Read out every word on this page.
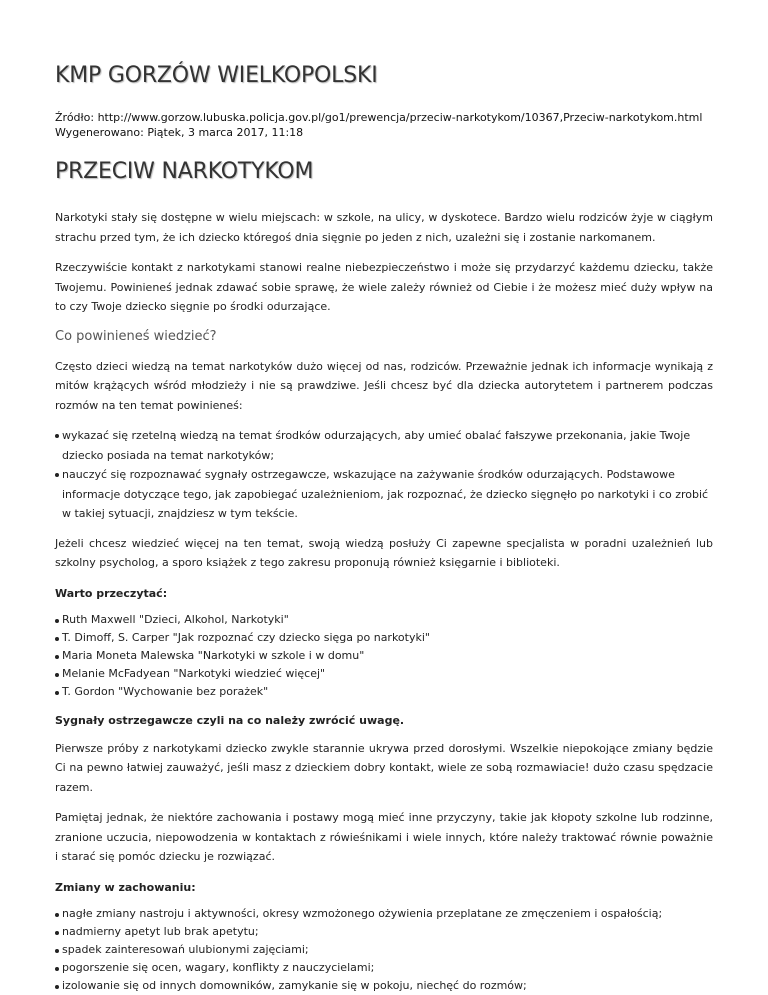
KMP GORZÓW WIELKOPOLSKI
Źródło: http://www.gorzow.lubuska.policja.gov.pl/go1/prewencja/przeciw-narkotykom/10367,Przeciw-narkotykom.html
Wygenerowano: Piątek, 3 marca 2017, 11:18
PRZECIW NARKOTYKOM

Narkotyki stały się dostępne w wielu miejscach: w szkole, na ulicy, w dyskotece. Bardzo wielu rodziców żyje w ciągłym strachu przed tym, że ich dziecko któregoś dnia sięgnie po jeden z nich, uzależni się i zostanie narkomanem.

Rzeczywiście kontakt z narkotykami stanowi realne niebezpieczeństwo i może się przydarzyć każdemu dziecku, także Twojemu. Powinieneś jednak zdawać sobie sprawę, że wiele zależy również od Ciebie i że możesz mieć duży wpływ na to czy Twoje dziecko sięgnie po środki odurzające.

Co powinieneś wiedzieć?

Często dzieci wiedzą na temat narkotyków dużo więcej od nas, rodziców. Przeważnie jednak ich informacje wynikają z mitów krążących wśród młodzieży i nie są prawdziwe. Jeśli chcesz być dla dziecka autorytetem i partnerem podczas rozmów na ten temat powinieneś:

wykazać się rzetelną wiedzą na temat środków odurzających, aby umieć obalać fałszywe przekonania, jakie Twoje dziecko posiada na temat narkotyków;
nauczyć się rozpoznawać sygnały ostrzegawcze, wskazujące na zażywanie środków odurzających. Podstawowe informacje dotyczące tego, jak zapobiegać uzależnieniom, jak rozpoznać, że dziecko sięgnęło po narkotyki i co zrobić w takiej sytuacji, znajdziesz w tym tekście.

Jeżeli chcesz wiedzieć więcej na ten temat, swoją wiedzą posłuży Ci zapewne specjalista w poradni uzależnień lub szkolny psycholog, a sporo książek z tego zakresu proponują również księgarnie i biblioteki.

Warto przeczytać:

Ruth Maxwell "Dzieci, Alkohol, Narkotyki"
T. Dimoff, S. Carper "Jak rozpoznać czy dziecko sięga po narkotyki"
Maria Moneta Malewska "Narkotyki w szkole i w domu"
Melanie McFadyean "Narkotyki wiedzieć więcej"
T. Gordon "Wychowanie bez porażek"

Sygnały ostrzegawcze czyli na co należy zwrócić uwagę.

Pierwsze próby z narkotykami dziecko zwykle starannie ukrywa przed dorosłymi. Wszelkie niepokojące zmiany będzie Ci na pewno łatwiej zauważyć, jeśli masz z dzieckiem dobry kontakt, wiele ze sobą rozmawiacie! dużo czasu spędzacie razem.

Pamiętaj jednak, że niektóre zachowania i postawy mogą mieć inne przyczyny, takie jak kłopoty szkolne lub rodzinne, zranione uczucia, niepowodzenia w kontaktach z rówieśnikami i wiele innych, które należy traktować równie poważnie i starać się pomóc dziecku je rozwiązać.

Zmiany w zachowaniu:

nagłe zmiany nastroju i aktywności, okresy wzmożonego ożywienia przeplatane ze zmęczeniem i ospałością;
nadmierny apetyt lub brak apetytu;
spadek zainteresowań ulubionymi zajęciami;
pogorszenie się ocen, wagary, konflikty z nauczycielami;
izolowanie się od innych domowników, zamykanie się w pokoju, niechęć do rozmów;
